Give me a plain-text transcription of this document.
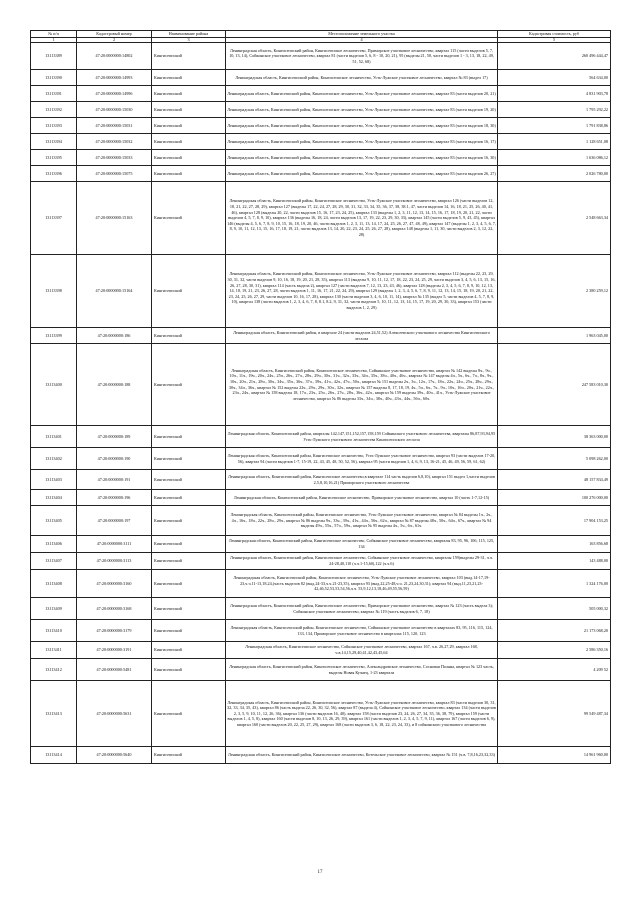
№ п/п	Кадастровый номер	Наименование района	Местоположение земельного участка	Кадастровая стоимость, руб
1	2	3	4	5
13113389	47:20:0000000:14802	Кингисеппский	Ленинградская область, Кингисеппский район, Кингисеппское лесничество, Приморское участковое лесничество, квартал 115 (части выделов 5, 7, 10, 13, 14), Сойкинское участковое лесничество, квартал 81 (части выделов 5, 6, 8 - 10, 20, 21), 95 (выделы 21, 50, части выделов 1 - 3, 13, 18, 22, 49, 51, 52, 68)	260 496 444,47
13113390	47:20:0000000:14993	Кингисеппский	Ленинградская область, Кингисеппский район, Кингисеппское лесничество, Усть-Лужское участковое лесничество, квартал № 83 (выдел 17)	564 634,00
13113391	47:20:0000000:14996	Кингисеппский	Ленинградская область, Кингисеппский район, Кингисеппское лесничество, Усть-Лужское участковое лесничество, квартал 83 (части выделов 20, 21)	4 831 903,78
13113392	47:20:0000000:15030	Кингисеппский	Ленинградская область, Кингисеппский район, Кингисеппское лесничество, Усть-Лужское участковое лесничество, квартал 83 (части выделов 19, 20)	1 795 292,22
13113393	47:20:0000000:15031	Кингисеппский	Ленинградская область, Кингисеппский район, Кингисеппское лесничество, Усть-Лужское участковое лесничество, квартал 83 (части выделов 18, 30)	1 791 838,86
13113394	47:20:0000000:15032	Кингисеппский	Ленинградская область, Кингисеппский район, Кингисеппское лесничество, Усть-Лужское участковое лесничество, квартал 83 (части выделов 16, 17)	1 128 651,08
13113395	47:20:0000000:15033	Кингисеппский	Ленинградская область, Кингисеппский район, Кингисеппское лесничество, Усть-Лужское участковое лесничество, квартал 83 (части выделов 16, 30)	1 636 086,12
13113396	47:20:0000000:15075	Кингисеппский	Ленинградская область, Кингисеппский район, Кингисеппское лесничество, Усть-Лужское участковое лесничество, квартал 83 (части выделов 26, 27)	2 026 780,00
13113397	47:20:0000000:15163	Кингисеппский	Ленинградская область, Кингисеппский район, Кингисеппское лесничество, Усть-Лужское участковое лесничество, квартал 126 (части выделов 12, 18, 21, 22, 27, 28, 29), квартал 127 (выделы 17, 22, 24, 27, 28, 29, 30, 31, 32, 33, 34, 35, 36, 37, 38, 38.1, 47, части выделов 14, 16, 18, 21, 25, 26, 40, 41, 46), квартал 128 (выделы 20, 22, части выделов 15, 16, 17, 23, 24, 25), квартал 133 (выделы 1, 2, 3, 11, 12, 13, 14, 15, 16, 17, 18, 19, 20, 21, 22, части выделов 4, 5, 7, 8, 9, 10), квартал 136 (выделы 16, 18, 24, части выделов 13, 17, 19, 22, 23, 29, 30, 33), квартал 145 (части выделов 5, 9, 43, 45), квартал 146 (выделы 4, 5, 6, 7, 8, 9, 10, 15, 16, 18, 19, 20, 46, части выделов 1, 2, 3, 11, 13, 14, 17, 24, 25, 26, 27, 47, 48, 49), квартал 147 (выделы 1, 2, 3, 4, 5, 6, 7, 8, 9, 10, 11, 12, 13, 15, 16, 17, 18, 19, 21, части выделов 13, 14, 20, 22, 23, 24, 25, 26, 27, 28), квартал 148 (выделы 1, 11, 30, части выделов 2, 3, 12, 22, 28)	2 548 663,34
13113398	47:20:0000000:15164	Кингисеппский	Ленинградская область, Кингисеппский район, Кингисеппское лесничество, Усть-Лужское участковое лесничество, квартал 112 (выделы 22, 23, 29, 30, 31, 32, части выделов 9, 10, 16, 18, 19, 20, 21, 28, 35), квартал 113 (выделы 9, 10, 11, 12, 17, 18, 22, 23, 24, 25, 29, части выделов 3, 4, 5, 6, 13, 15, 16, 26, 27, 28, 30, 31), квартал 114 (часть выдела 2), квартал 127 (части выделов 7, 12, 13, 23, 43, 46), квартал 128 (выделы 2, 3, 4, 5, 6, 7, 8, 9, 10, 12, 13, 14, 18, 19, 21, 23, 26, 27, 28, части выделов 1, 11, 16, 17, 21, 22, 24, 29), квартал 129 (выделы 1, 2, 3, 4, 5, 6, 7, 8, 9, 11, 12, 13, 14, 15, 18, 19, 20, 21, 22, 23, 24, 25, 26, 27, 29, части выделов 10, 16, 17, 28), квартал 130 (части выделов 3, 4, 6, 10, 11, 14), квартал № 135 (выдел 5, части выделов 4, 5, 7, 8, 9, 10), квартал 138 (части выделов 1, 2, 3, 4, 6, 7, 8, 8.1, 8.2, 9, 31, 32, части выделов 5, 10, 11, 12, 13, 14, 15, 17, 19, 20, 29, 30, 33), квартал 153 (части выделов 1, 2, 29)	2 380 259,12
13113399	47:20:0000000:186	Кингисеппский	Ленинградская область, Кингисеппский район, в квартале 24 (части выделов 24,51,52) Алексеевского участкового лесничества Кингисеппского лесхоза	1 963 045,00
13113400	47:20:0000000:188	Кингисеппский	Ленинградская область, Кингисеппский район, Кингисеппское лесничество, Сойкинское участковое лесничество, квартал № 142 выделы 8ч., 9ч., 10ч., 11ч., 19ч., 20ч., 24ч., 25ч., 26ч., 27ч., 28ч., 29ч., 30ч., 31ч., 32ч., 33ч., 34ч., 35ч., 38ч., 40ч., 46ч., квартал № 147 выделы 4ч., 5ч., 6ч., 7ч., 8ч., 9ч., 10ч., 20ч., 21ч., 28ч., 30ч., 34ч., 35ч., 36ч., 37ч., 39ч., 41ч., 42ч., 47ч., 50ч., квартал № 151 выделы 2ч., 3ч., 12ч., 17ч., 18ч., 22ч., 24ч., 25ч., 28ч., 29ч., 30ч., 34ч., 36ч., квартал № 152 выделы 22ч., 29ч., 29ч., 30ч., 32ч., квартал № 157 выделы 8, 17, 18, 19, 4ч., 5ч., 6ч., 7ч., 9ч., 10ч., 16ч., 20ч., 21ч., 22ч., 23ч., 24ч., квартал № 158 выделы 18, 17ч., 23ч., 25ч., 26ч., 27ч., 28ч., 36ч., 42ч., квартал № 159 выделы 39ч., 40ч., 41ч., Усть-Лужское участковое лесничество, квартал № 86 выделы 33ч., 34ч., 38ч., 40ч., 43ч., 44ч., 56ч., 60ч.	247 583 010,30
13113401	47:20:0000000:189	Кингисеппский	Ленинградская область, Кингисеппский район, кварталы 142,147,151,152,157,158,159 Сойкинского участкового лесничества, кварталы 86,87,93,94,95 Усть-Лужского участкового лесничества Кингисеппского лесхоза	38 363 000,00
13113402	47:20:0000000:190	Кингисеппский	Ленинградская область, Кингисеппский район, Кингисеппское лесничество, Усть-Лужское участковое лесничество, квартал 93 (части выделов 17-20, 56), квартал 94 (части выделов 1-7, 15-19, 22, 43, 45, 48, 50, 52, 56), квартал 95 (части выделов 1, 4, 6, 9, 13, 16-21, 45, 46, 49, 56, 59, 61, 62)	5 098 262,00
13113403	47:20:0000000:191	Кингисеппский	Ленинградская область, Кингисеппский район, Кингисеппское лесничество,в квартале 114 часть выделов 6,8,10), квартал 151 выдел 1,части выделов 2,5,8,10,16,21) Приморского участкового лесничества	48 157 834,49
13113404	47:20:0000000:196	Кингисеппский	Ленинградская область, Кингисеппский район, Кингисеппское лесничество, Приморское участковое лесничество, квартал 10 (часть 1-7,12-15)	100 276 000,00
13113405	47:20:0000000:197	Кингисеппский	Ленинградская область, Кингисеппский район, Кингисеппское лесничество, Усть-Лужское участковое лесничество, квартал № 84 выделы 1ч., 2ч., 4ч., 16ч., 18ч., 22ч., 28ч., 29ч., квартал № 86 выделы 9ч., 33ч., 39ч., 41ч., 44ч., 56ч., 62ч., квартал № 87 выделы 48ч., 50ч., 64ч., 67ч., квартал № 94 выделы 49ч., 55ч., 57ч., 59ч., квартал № 95 выделы 4ч., 5ч., 6ч., 61ч.	17 904 153,25
13113406	47:20:0000000:3111	Кингисеппский	Ленинградская область, Кингисеппский район, Кингисеппское лесничество, Сойкинское участковое лесничество, кварталы 83, 95, 96, 106, 115, 125, 134	163 856,68
13113407	47:20:0000000:3113	Кингисеппский	Ленинградская область, Кингисеппский район, Кингисеппское лесничество, Сойкинское участковое лесничество, кварталы 159(выделы 29-31, ч.ч. 24-28,40,110 (ч.ч.1-15,60),122 (ч.ч.6)	143 488,00
13113408	47:20:0000000:3160	Кингисеппский	Ленинградская область, Кингисеппский район, Кингисеппское лесничество, Усть-Лужское участковое лесничество, квартал 103 (выд.14-17,19-23,ч.ч.11-13,18,24,(часть выделов 82 (выд.24-33,ч.ч.21-23,35), квартал 93 (выд.22,25-48,ч.ч. 21,23,24,30,31); квартал 94 (выд.11,23,21,23-42,46,52,53,53,54,56,ч.ч. 53,9,12,13,18,46,49,55,56,59)	1 324 176,00
13113409	47:20:0000000:3168	Кингисеппский	Ленинградская область, Кингисеппский район, Кингисеппское лесничество, Приморское участковое лесничество, квартал № 123 (часть выдела 3); Сойкинское участковое лесничество, квартал № 119 (часть выделов 6, 7, 18)	505 000,32
13113410	47:20:0000000:3179	Кингисеппский	Ленинградская область, Кингисеппский район, Кингисеппское лесничество, Сойкинское участковое лесничество в кварталах 83, 95, 116, 115, 124, 133, 134, Приморское участковое лесничество в кварталах 115, 120, 123	21 173 068,20
13113411	47:20:0000000:3191	Кингисеппский	Ленинградская область, Кингисеппское лесничество, Сойкинское участковое лесничество, квартал 167, ч.в. 26,27,29, квартал 168, ч.в.14,15,29,40,41,42,43,45,64	2 586 350,16
13113412	47:20:0000000:5481	Кингисеппский	Ленинградская область, Кингисеппский район, Кингисеппское лесничество, Александровское лесничество, Сосновая Поляна, квартал № 123 часть, выделы Новая Кузнец, 1-23 квартала	4 209 52
13113413	47:20:0000000:5631	Кингисеппский	Ленинградская область, Кингисеппский район, Кингисеппское лесничество, Усть-Лужское участковое лесничество, квартал 83 (части выделов 30, 31, 32, 33, 34, 35, 43), квартал 86 (часть выдела 22, 26, 30, 32, 56), квартал 87 (выдела 4), Сойкинское участковое лесничество, квартал 134 (части выделов 2, 3, 5, 9, 10, 11, 12, 26, 36), квартал 136 (части выделов 16, 40), квартал 158 (части выделов 23, 24, 26, 27, 34, 35, 36, 38, 79), квартал 159 (части выделов 1, 4, 5, 8), квартал 160 (части выделов 8, 10, 13, 26, 29, 39), квартал 161 (части выделов 1, 2, 3, 4, 5, 7, 9, 11), квартал 167 (части выделов 6, 9), квартал 160 (части выделов 20, 22, 25, 27, 29), квартал 168 (части выделов 3, 6, 18, 22, 23, 24, 33), и 8 сойкинского участкового лесничества	99 549 487,34
13113414	47:20:0000000:5640	Кингисеппский	Ленинградская область, Кингисеппский район, Кингисеппское лесничество, Котельское участковое лесничество, квартал № 151 (ч.в. 7,8,16,23,32,33)	14 961 960,00
17
